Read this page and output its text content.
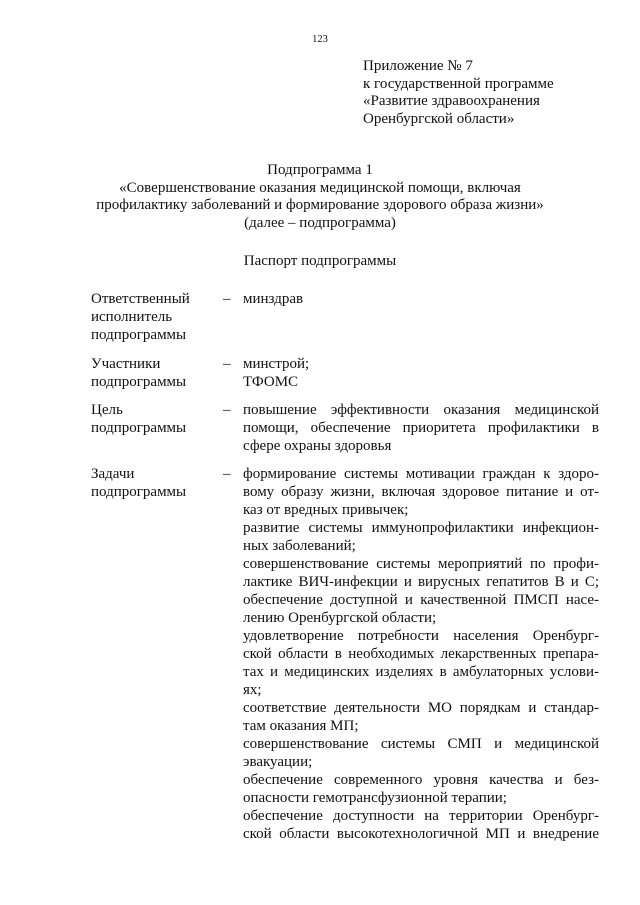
123
Приложение № 7
к государственной программе
«Развитие здравоохранения
Оренбургской области»
Подпрограмма 1
«Совершенствование оказания медицинской помощи, включая
профилактику заболеваний и формирование здорового образа жизни»
(далее – подпрограмма)
Паспорт подпрограммы
Ответственный
исполнитель
подпрограммы
– минздрав
Участники
подпрограммы
– минстрой;
ТФОМС
Цель
подпрограммы
– повышение эффективности оказания медицинской
помощи, обеспечение приоритета профилактики в
сфере охраны здоровья
Задачи
подпрограммы
– формирование системы мотивации граждан к здоро-
вому образу жизни, включая здоровое питание и от-
каз от вредных привычек;
развитие системы иммунопрофилактики инфекцион-
ных заболеваний;
совершенствование системы мероприятий по профи-
лактике ВИЧ-инфекции и вирусных гепатитов В и С;
обеспечение доступной и качественной ПМСП насе-
лению Оренбургской области;
удовлетворение потребности населения Оренбург-
ской области в необходимых лекарственных препара-
тах и медицинских изделиях в амбулаторных услови-
ях;
соответствие деятельности МО порядкам и стандар-
там оказания МП;
совершенствование системы СМП и медицинской
эвакуации;
обеспечение современного уровня качества и без-
опасности гемотрансфузионной терапии;
обеспечение доступности на территории Оренбург-
ской области высокотехнологичной МП и внедрение
